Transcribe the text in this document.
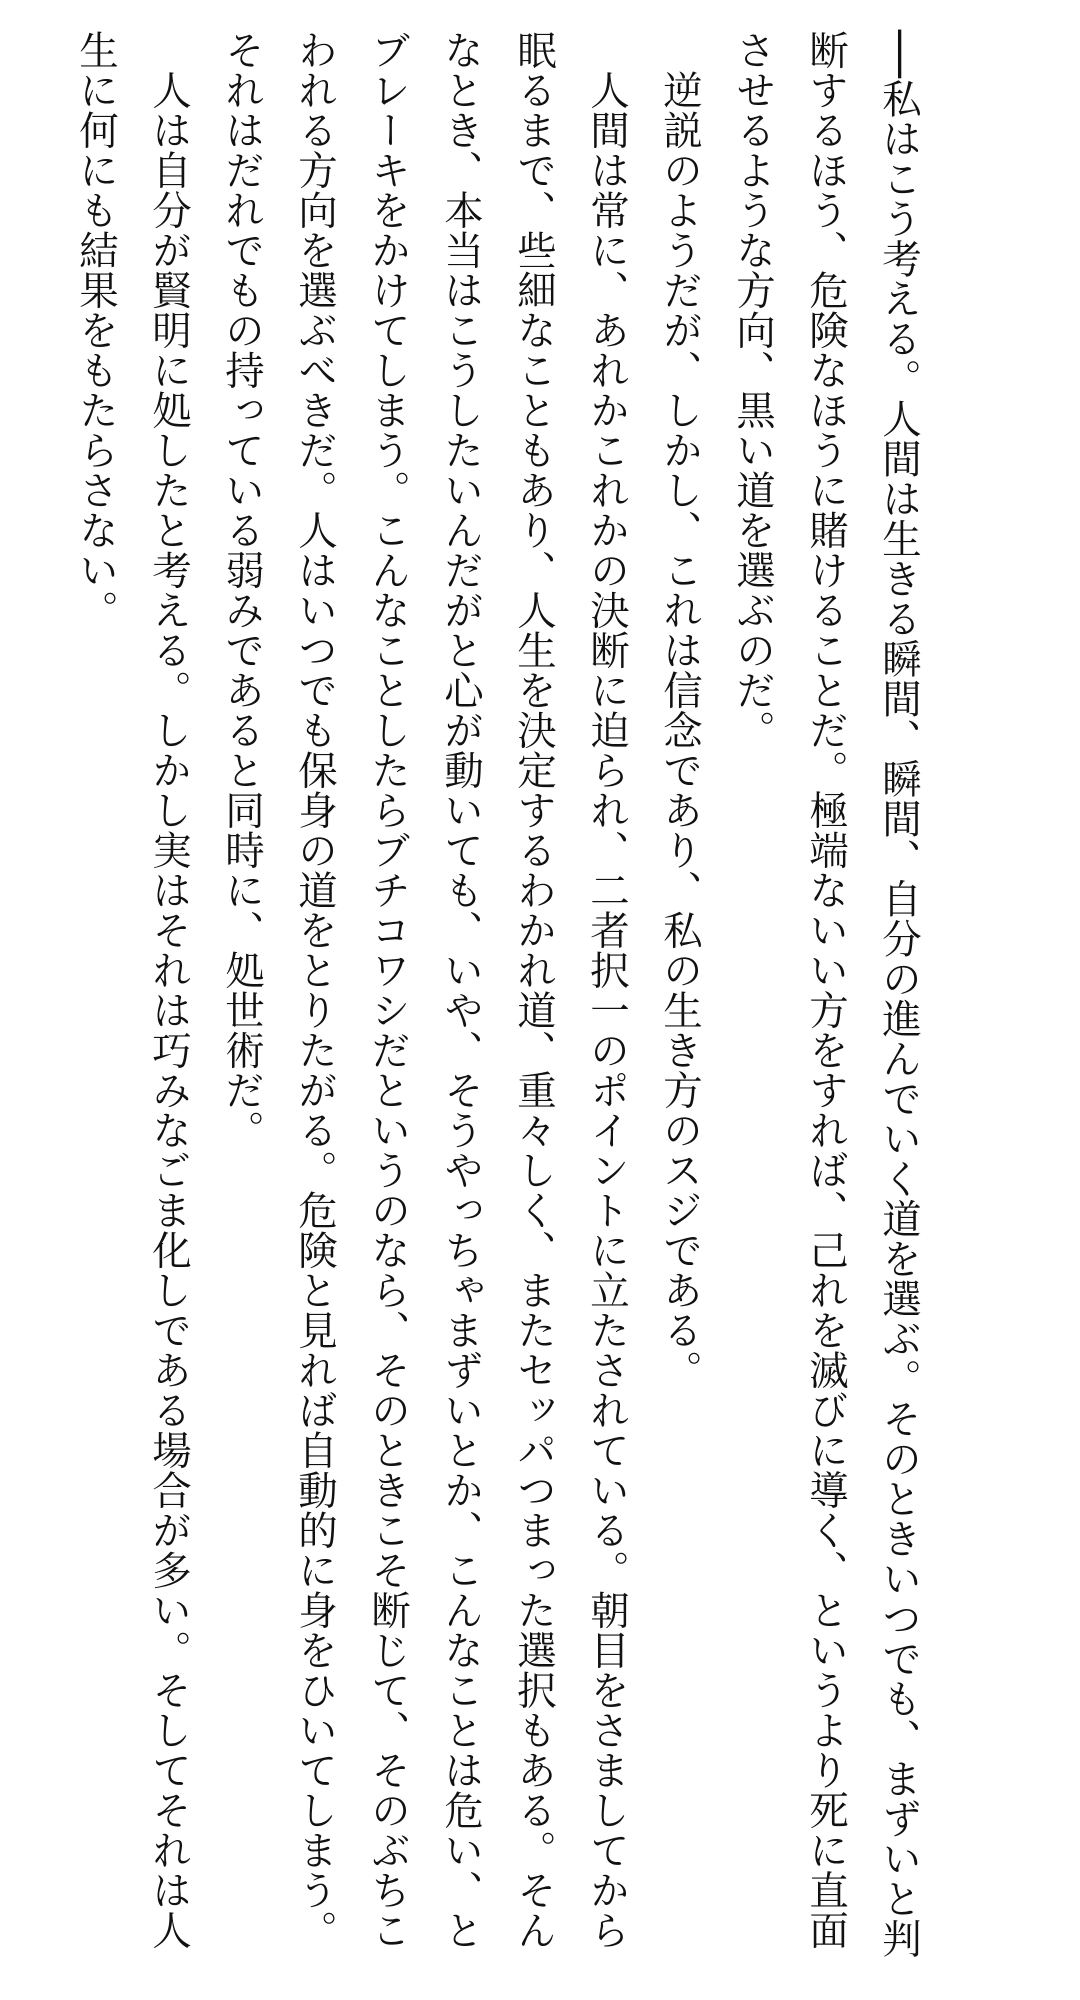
──私はこう考える。人間は生きる瞬間、瞬間、自分の進んでいく道を選ぶ。そのときいつでも、まずいと判断するほう、危険なほうに賭けることだ。極端ないい方をすれば、己れを滅びに導く、というより死に直面させるような方向、黒い道を選ぶのだ。

逆説のようだが、しかし、これは信念であり、私の生き方のスジである。

人間は常に、あれかこれかの決断に迫られ、二者択一のポイントに立たされている。朝目をさましてから眠るまで、些細なこともあり、人生を決定するわかれ道、重々しく、またセッパつまった選択もある。そんなとき、本当はこうしたいんだがと心が動いても、いや、そうやっちゃまずいとか、こんなことは危い、とブレーキをかけてしまう。こんなことしたらブチコワシだというのなら、そのときこそ断じて、そのぶちこわれる方向を選ぶべきだ。人はいつでも保身の道をとりたがる。危険と見れば自動的に身をひいてしまう。それはだれでもの持っている弱みであると同時に、処世術だ。

人は自分が賢明に処したと考える。しかし実はそれは巧みなごま化しである場合が多い。そしてそれは人生に何にも結果をもたらさない。
